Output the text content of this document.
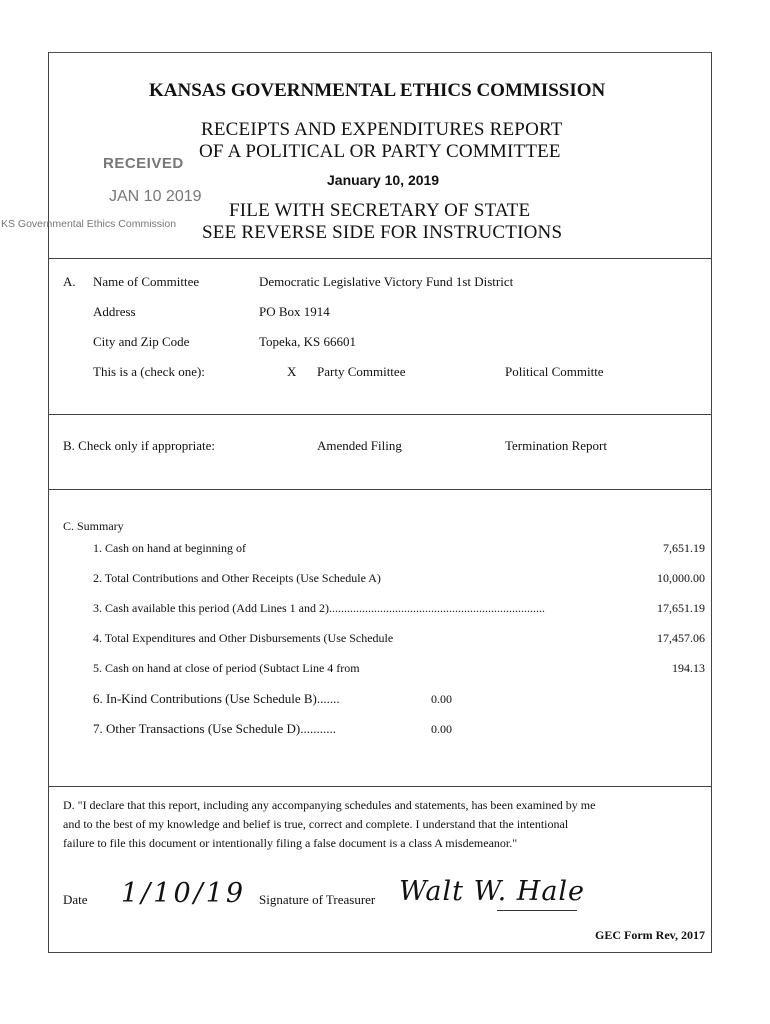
KANSAS GOVERNMENTAL ETHICS COMMISSION
RECEIPTS AND EXPENDITURES REPORT
OF A POLITICAL OR PARTY COMMITTEE
January 10, 2019
FILE WITH SECRETARY OF STATE
SEE REVERSE SIDE FOR INSTRUCTIONS
RECEIVED
JAN 10 2019
KS Governmental Ethics Commission
A. Name of Committee	Democratic Legislative Victory Fund 1st District
Address	PO Box 1914
City and Zip Code	Topeka, KS 66601
This is a (check one):	X Party Committee	Political Committe
B. Check only if appropriate:	Amended Filing	Termination Report
C. Summary
1. Cash on hand at beginning of	7,651.19
2. Total Contributions and Other Receipts (Use Schedule A)	10,000.00
3. Cash available this period (Add Lines 1 and 2)........................................................................	17,651.19
4. Total Expenditures and Other Disbursements (Use Schedule	17,457.06
5. Cash on hand at close of period (Subtact Line 4 from	194.13
6. In-Kind Contributions (Use Schedule B).......	0.00
7. Other Transactions (Use Schedule D)...........	0.00
D. "I declare that this report, including any accompanying schedules and statements, has been examined by me
and to the best of my knowledge and belief is true, correct and complete. I understand that the intentional
failure to file this document or intentionally filing a false document is a class A misdemeanor."
Date 1/10/19 Signature of Treasurer Walt W. Hale
GEC Form Rev, 2017
